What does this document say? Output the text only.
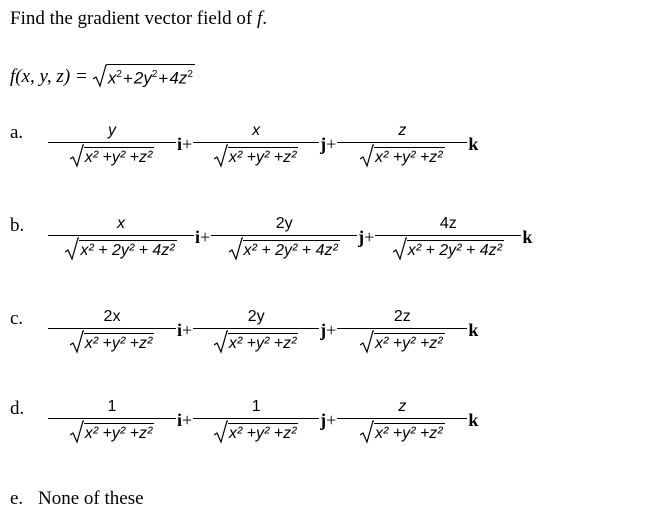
Find the gradient vector field of f.
f(x, y, $z) = x^2+2y^2+4z^2$
a. $\frac{y}{\text{x² +y² +z²}}$ $i + \frac{x}{\text{x² +y² +z²}}$ $j + \frac{z}{\text{x² +y² +z²}}$ k
b. $\frac{x}{\text{x² + 2y² + 4z²}}$ $i + \frac{2y}{\text{x² + 2y² + 4z²}}$ $j + \frac{4z}{\text{x² + 2y² + 4z²}}$ k
c. $\frac{2x}{\text{x² +y² +z²}}$ $i + \frac{2y}{\text{x² +y² +z²}}$ $j + \frac{2z}{\text{x² +y² +z²}}$ k
d. $\frac{1}{\text{x² +y² +z²}}$ $i + \frac{1}{\text{x² +y² +z²}}$ $j + \frac{z}{\text{x² +y² +z²}}$ k
e. None of these
